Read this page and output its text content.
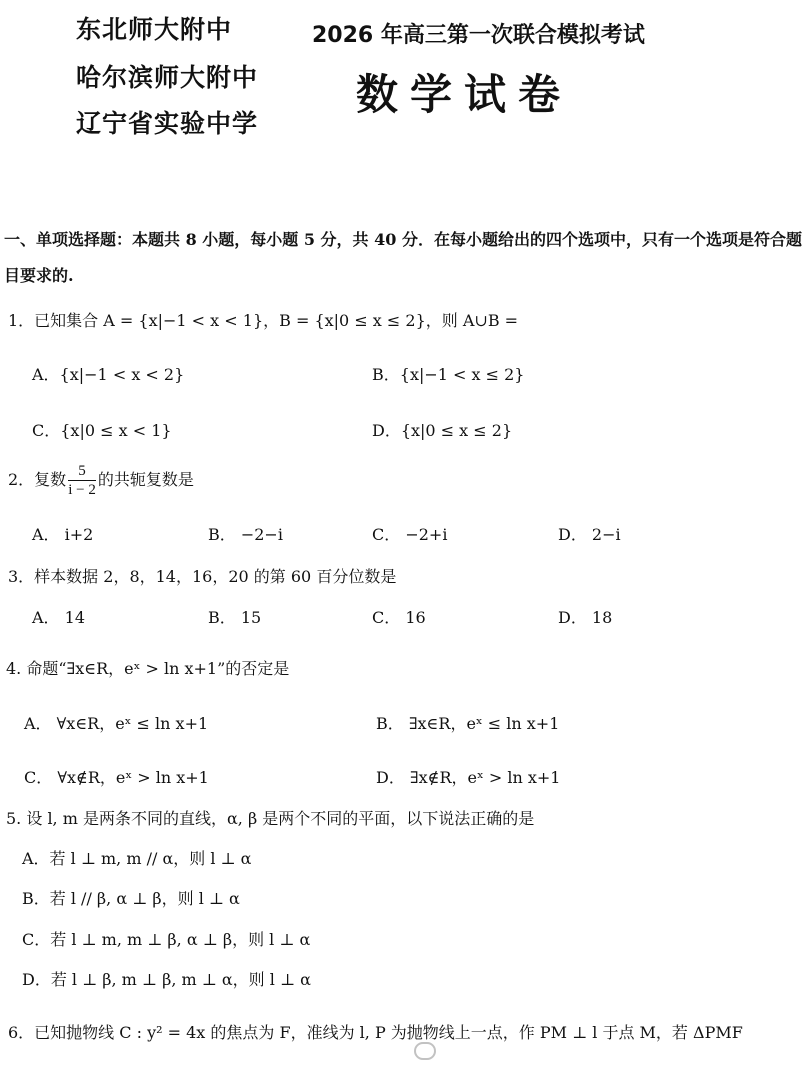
东北师大附中
哈尔滨师大附中
辽宁省实验中学
2026 年高三第一次联合模拟考试
数学试卷
一、单项选择题：本题共 8 小题，每小题 5 分，共 40 分．在每小题给出的四个选项中，只有一个选项是符合题目要求的.
1．已知集合 A = {x|−1 < x < 1}，B = {x|0 ≤ x ≤ 2}，则 A∪B =
A．{x|−1 < x < 2}	B．{x|−1 < x ≤ 2}
C．{x|0 ≤ x < 1}	D．{x|0 ≤ x ≤ 2}
2．复数 $\frac{5}{i - 2}$ 的共轭复数是
A． i+2	B． −2−i	C． −2+i	D． 2−i
3．样本数据 2，8，14，16，20 的第 60 百分位数是
A． 14	B． 15	C． 16	D． 18
4. 命题“∃x∈R，eˣ > ln x+1”的否定是
A． ∀x∈R，eˣ ≤ ln x+1	B． ∃x∈R，eˣ ≤ ln x+1
C． ∀x∉R，eˣ > ln x+1	D． ∃x∉R，eˣ > ln x+1
5. 设 l, m 是两条不同的直线，α, β 是两个不同的平面，以下说法正确的是
A．若 l ⊥ m, m // α，则 l ⊥ α
B．若 l // β, α ⊥ β，则 l ⊥ α
C．若 l ⊥ m, m ⊥ β, α ⊥ β，则 l ⊥ α
D．若 l ⊥ β, m ⊥ β, m ⊥ α，则 l ⊥ α
6．已知抛物线 C : y² = 4x 的焦点为 F，准线为 l, P 为抛物线上一点，作 PM ⊥ l 于点 M，若 ΔPMF
